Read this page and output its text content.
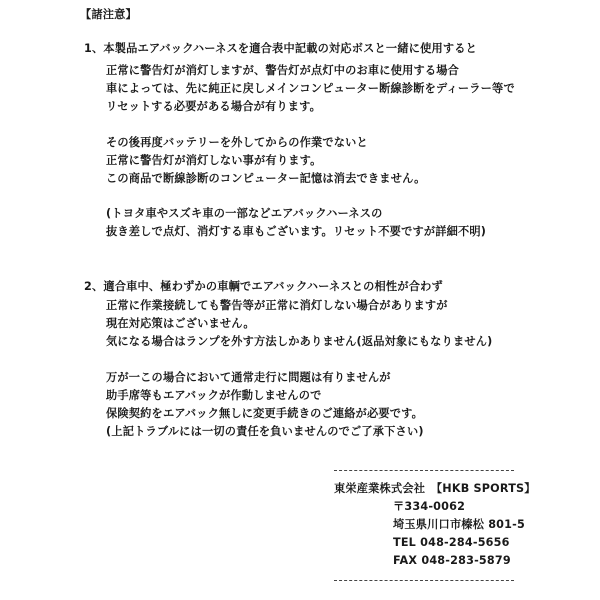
【諸注意】
1、本製品エアバックハーネスを適合表中記載の対応ボスと一緒に使用すると
正常に警告灯が消灯しますが、警告灯が点灯中のお車に使用する場合
車によっては、先に純正に戻しメインコンピューター断線診断をディーラー等で
リセットする必要がある場合が有ります。
その後再度バッテリーを外してからの作業でないと
正常に警告灯が消灯しない事が有ります。
この商品で断線診断のコンピューター記憶は消去できません。
(トヨタ車やスズキ車の一部などエアバックハーネスの
抜き差しで点灯、消灯する車もございます。リセット不要ですが詳細不明)
2、適合車中、極わずかの車輌でエアバックハーネスとの相性が合わず
正常に作業接続しても警告等が正常に消灯しない場合がありますが
現在対応策はございません。
気になる場合はランプを外す方法しかありません(返品対象にもなりません)
万が一この場合において通常走行に問題は有りませんが
助手席等もエアバックが作動しませんので
保険契約をエアバック無しに変更手続きのご連絡が必要です。
(上記トラブルには一切の責任を負いませんのでご了承下さい)
東栄産業株式会社　【HKB SPORTS】
〒334-0062
埼玉県川口市榛松 801-5
TEL 048-284-5656
FAX 048-283-5879
